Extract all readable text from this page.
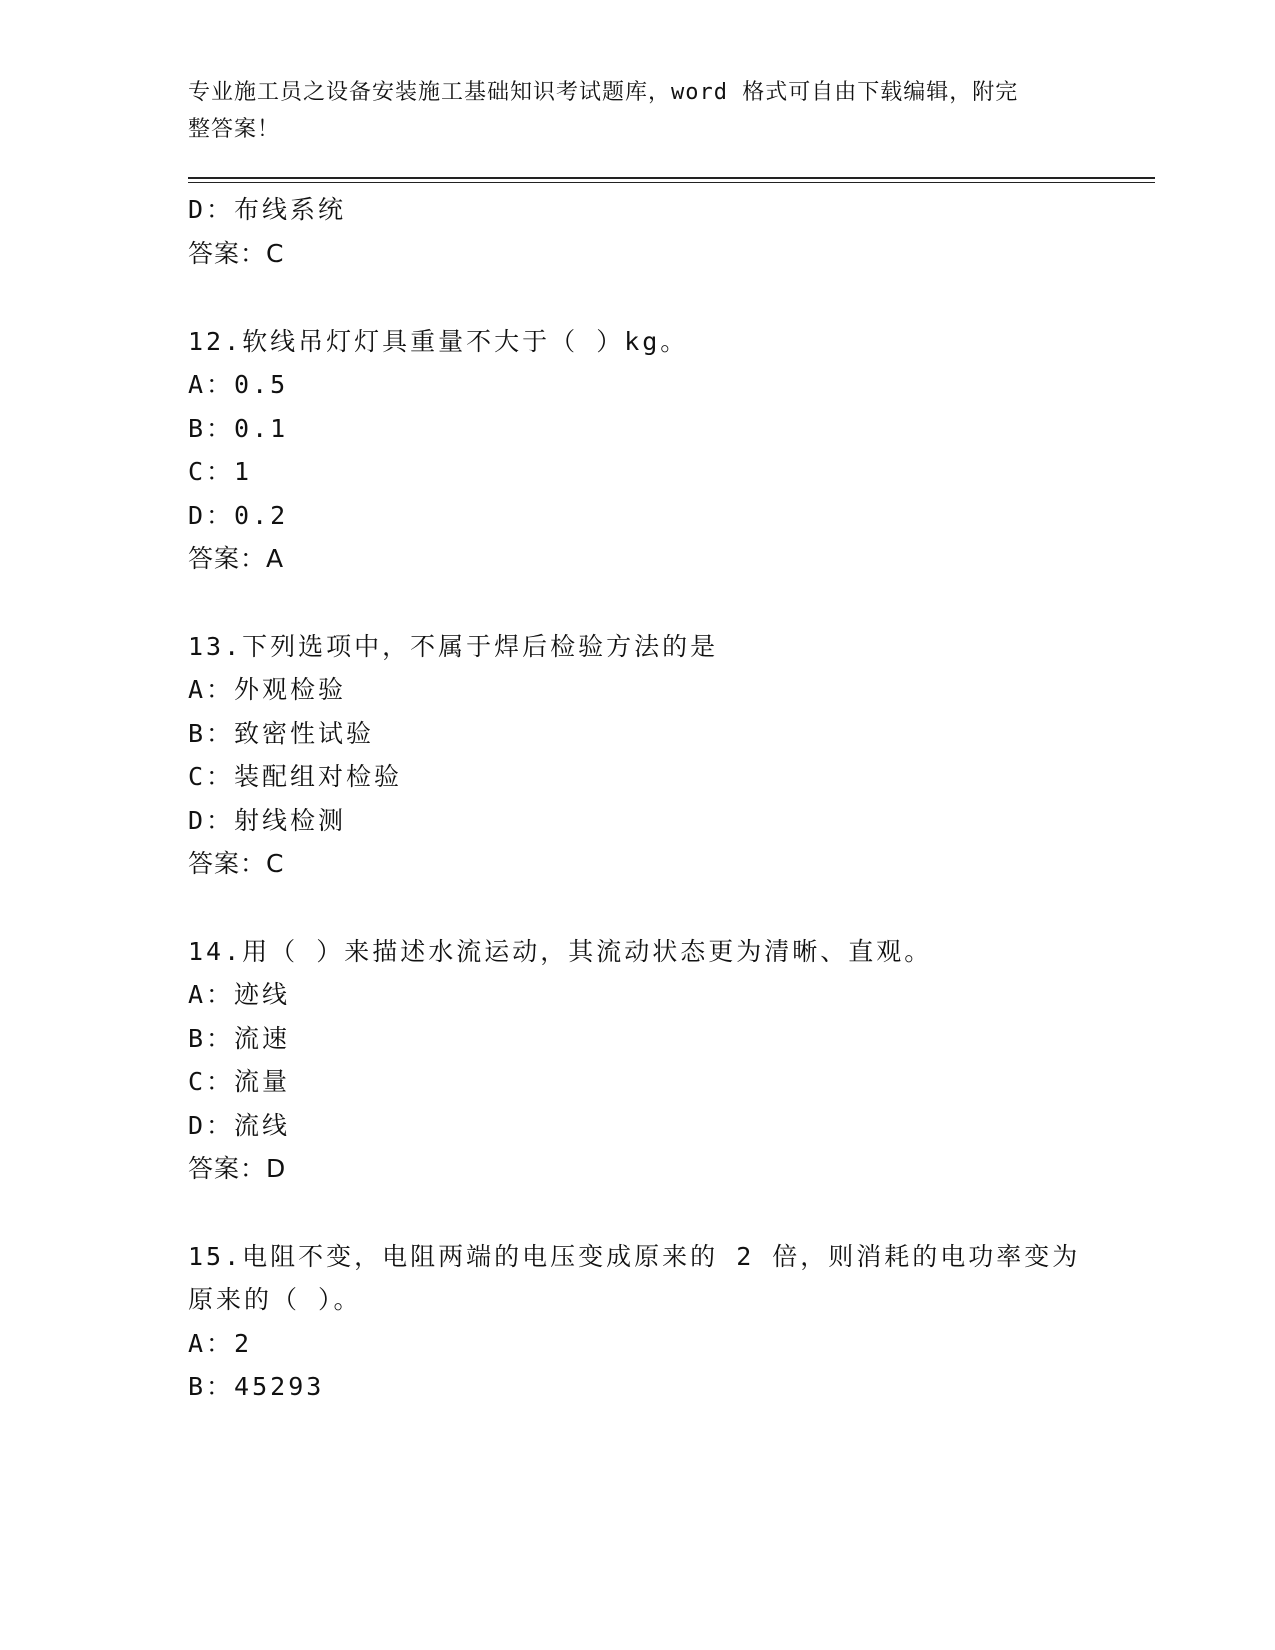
专业施工员之设备安装施工基础知识考试题库，word 格式可自由下载编辑，附完
整答案！
D：布线系统
答案：C
12.软线吊灯灯具重量不大于（ ）kg。
A：0.5
B：0.1
C：1
D：0.2
答案：A
13.下列选项中，不属于焊后检验方法的是
A：外观检验
B：致密性试验
C：装配组对检验
D：射线检测
答案：C
14.用（ ）来描述水流运动，其流动状态更为清晰、直观。
A：迹线
B：流速
C：流量
D：流线
答案：D
15.电阻不变，电阻两端的电压变成原来的 2 倍，则消耗的电功率变为
原来的（ ）。
A：2
B：45293
